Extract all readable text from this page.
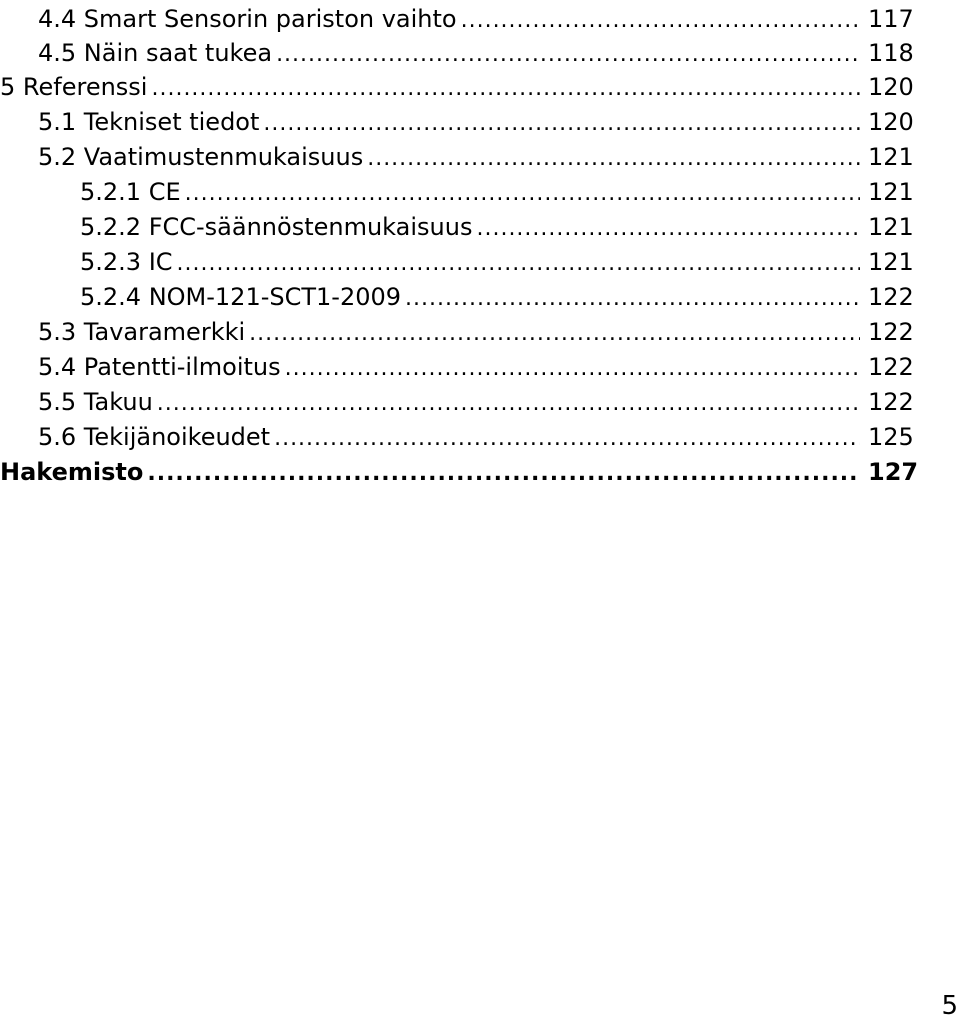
4.4 Smart Sensorin pariston vaihto .....	117
4.5 Näin saat tukea .....	118
5 Referenssi .....	120
5.1 Tekniset tiedot .....	120
5.2 Vaatimustenmukaisuus .....	121
5.2.1 CE .....	121
5.2.2 FCC-säännöstenmukaisuus .....	121
5.2.3 IC .....	121
5.2.4 NOM-121-SCT1-2009 .....	122
5.3 Tavaramerkki .....	122
5.4 Patentti-ilmoitus .....	122
5.5 Takuu .....	122
5.6 Tekijänoikeudet .....	125
Hakemisto .....	127
5
